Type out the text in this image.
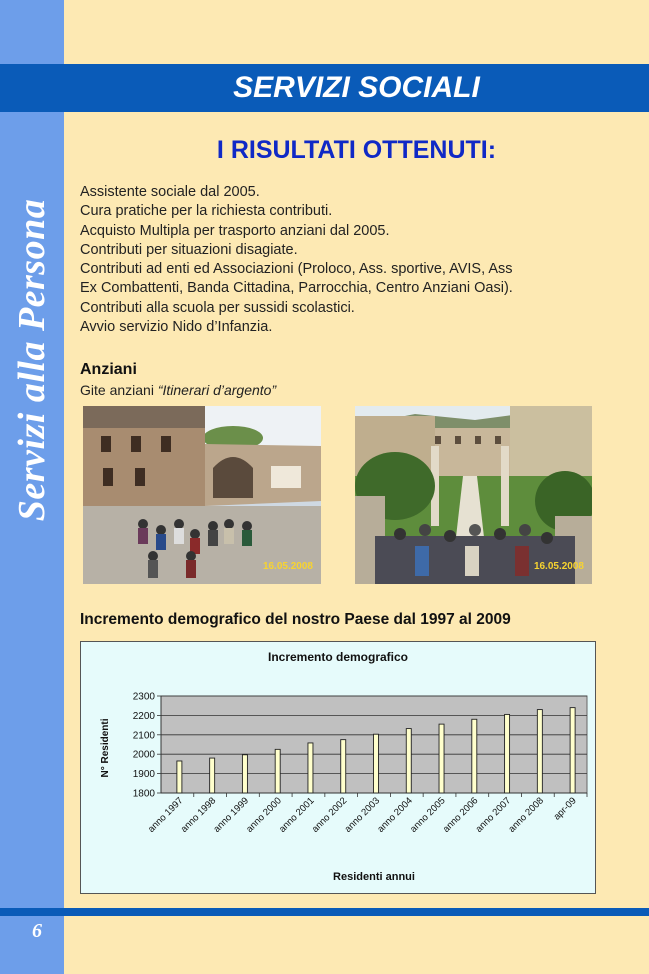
Servizi alla Persona
SERVIZI SOCIALI
I RISULTATI OTTENUTI:
Assistente sociale dal 2005.
Cura pratiche per la richiesta contributi.
Acquisto Multipla per trasporto anziani dal 2005.
Contributi per situazioni disagiate.
Contributi ad enti ed Associazioni (Proloco, Ass. sportive, AVIS, Ass
Ex Combattenti, Banda Cittadina, Parrocchia, Centro Anziani Oasi).
Contributi alla scuola per sussidi scolastici.
Avvio servizio Nido d’Infanzia.
Anziani
Gite anziani “Itinerari d’argento”
16.05.2008	16.05.2008
Incremento demografico del nostro Paese dal 1997 al 2009
Incremento demografico
N° Residenti
Residenti annui
1800
1900
2000
2100
2200
2300
anno 1997
anno 1998
anno 1999
anno 2000
anno 2001
anno 2002
anno 2003
anno 2004
anno 2005
anno 2006
anno 2007
anno 2008 apr-09
6
